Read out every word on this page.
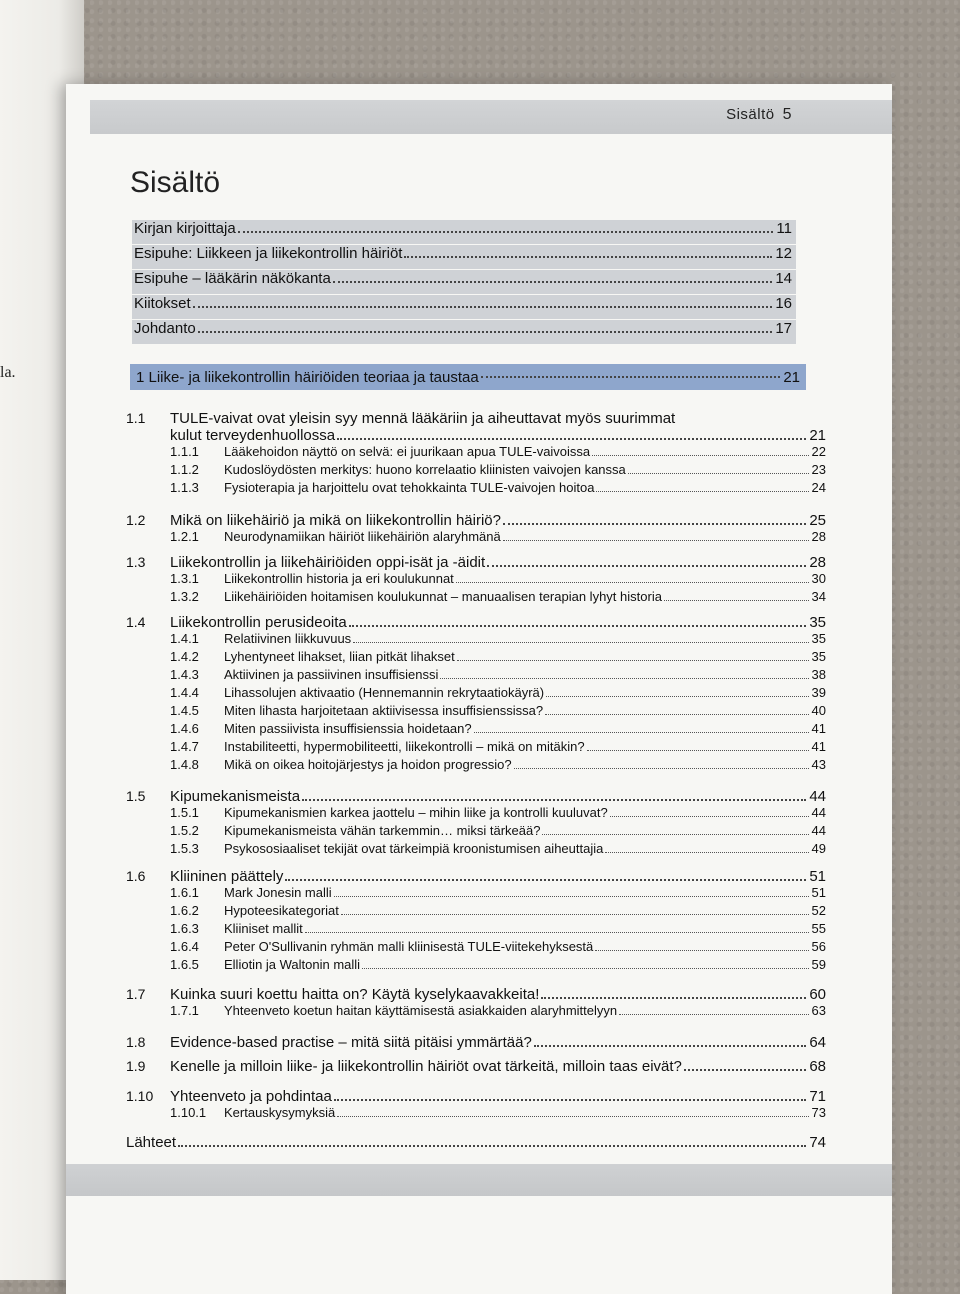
la.
Sisältö 5
Sisältö
Kirjan kirjoittaja	11
Esipuhe: Liikkeen ja liikekontrollin häiriöt	12
Esipuhe – lääkärin näkökanta	14
Kiitokset	16
Johdanto	17
1 Liike- ja liikekontrollin häiriöiden teoriaa ja taustaa	21
1.1	TULE-vaivat ovat yleisin syy mennä lääkäriin ja aiheuttavat myös suurimmat
kulut terveydenhuollossa	21
1.1.1	Lääkehoidon näyttö on selvä: ei juurikaan apua TULE-vaivoissa	22
1.1.2	Kudoslöydösten merkitys: huono korrelaatio kliinisten vaivojen kanssa	23
1.1.3	Fysioterapia ja harjoittelu ovat tehokkainta TULE-vaivojen hoitoa	24
1.2	Mikä on liikehäiriö ja mikä on liikekontrollin häiriö?	25
1.2.1	Neurodynamiikan häiriöt liikehäiriön alaryhmänä	28
1.3	Liikekontrollin ja liikehäiriöiden oppi-isät ja -äidit	28
1.3.1	Liikekontrollin historia ja eri koulukunnat	30
1.3.2	Liikehäiriöiden hoitamisen koulukunnat – manuaalisen terapian lyhyt historia	34
1.4	Liikekontrollin perusideoita	35
1.4.1	Relatiivinen liikkuvuus	35
1.4.2	Lyhentyneet lihakset, liian pitkät lihakset	35
1.4.3	Aktiivinen ja passiivinen insuffisienssi	38
1.4.4	Lihassolujen aktivaatio (Hennemannin rekrytaatiokäyrä)	39
1.4.5	Miten lihasta harjoitetaan aktiivisessa insuffisienssissa?	40
1.4.6	Miten passiivista insuffisienssia hoidetaan?	41
1.4.7	Instabiliteetti, hypermobiliteetti, liikekontrolli – mikä on mitäkin?	41
1.4.8	Mikä on oikea hoitojärjestys ja hoidon progressio?	43
1.5	Kipumekanismeista	44
1.5.1	Kipumekanismien karkea jaottelu – mihin liike ja kontrolli kuuluvat?	44
1.5.2	Kipumekanismeista vähän tarkemmin… miksi tärkeää?	44
1.5.3	Psykososiaaliset tekijät ovat tärkeimpiä kroonistumisen aiheuttajia	49
1.6	Kliininen päättely	51
1.6.1	Mark Jonesin malli	51
1.6.2	Hypoteesikategoriat	52
1.6.3	Kliiniset mallit	55
1.6.4	Peter O'Sullivanin ryhmän malli kliinisestä TULE-viitekehyksestä	56
1.6.5	Elliotin ja Waltonin malli	59
1.7	Kuinka suuri koettu haitta on? Käytä kyselykaavakkeita!	60
1.7.1	Yhteenveto koetun haitan käyttämisestä asiakkaiden alaryhmittelyyn	63
1.8	Evidence-based practise – mitä siitä pitäisi ymmärtää?	64
1.9	Kenelle ja milloin liike- ja liikekontrollin häiriöt ovat tärkeitä, milloin taas eivät?	68
1.10	Yhteenveto ja pohdintaa	71
1.10.1	Kertauskysymyksiä	73
Lähteet	74
